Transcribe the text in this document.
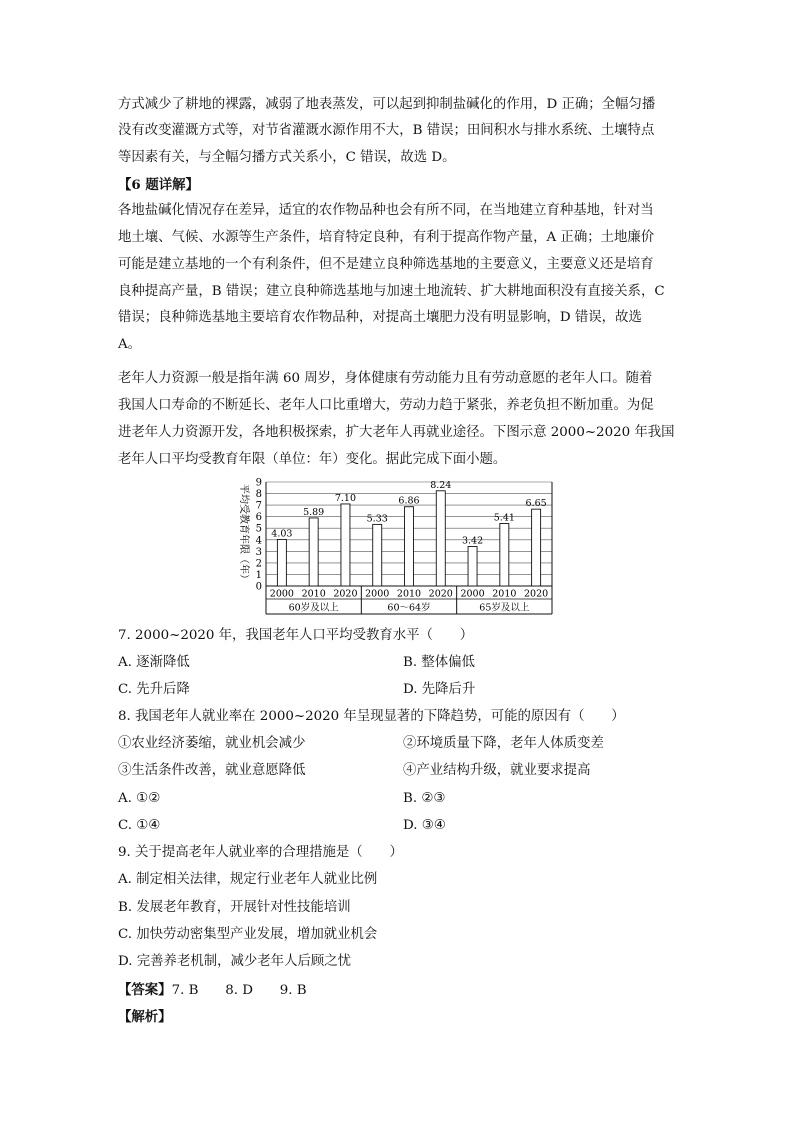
方式减少了耕地的裸露，减弱了地表蒸发，可以起到抑制盐碱化的作用，D 正确；全幅匀播
没有改变灌溉方式等，对节省灌溉水源作用不大，B 错误；田间积水与排水系统、土壤特点
等因素有关，与全幅匀播方式关系小，C 错误，故选 D。
【6 题详解】
各地盐碱化情况存在差异，适宜的农作物品种也会有所不同，在当地建立育种基地，针对当
地土壤、气候、水源等生产条件，培育特定良种，有利于提高作物产量，A 正确；土地廉价
可能是建立基地的一个有利条件，但不是建立良种筛选基地的主要意义，主要意义还是培育
良种提高产量，B 错误；建立良种筛选基地与加速土地流转、扩大耕地面积没有直接关系，C
错误；良种筛选基地主要培育农作物品种，对提高土壤肥力没有明显影响，D 错误，故选
A。
老年人力资源一般是指年满 60 周岁，身体健康有劳动能力且有劳动意愿的老年人口。随着
我国人口寿命的不断延长、老年人口比重增大，劳动力趋于紧张，养老负担不断加重。为促
进老年人力资源开发，各地积极探索，扩大老年人再就业途径。下图示意 2000~2020 年我国
老年人口平均受教育年限（单位：年）变化。据此完成下面小题。
平均受教育年限（年）
0
1
2
3
4
5
6
7
8
9
4.03
2000
5.89
2010
7.10
2020
60岁及以上
5.33
2000
6.86
2010
8.24
2020
60～64岁
3.42
2000
5.41
2010
6.65
2020
65岁及以上
7. 2000~2020 年，我国老年人口平均受教育水平（　　）
A. 逐渐降低	B. 整体偏低
C. 先升后降	D. 先降后升
8. 我国老年人就业率在 2000~2020 年呈现显著的下降趋势，可能的原因有（　　）
①农业经济萎缩，就业机会减少	②环境质量下降，老年人体质变差
③生活条件改善，就业意愿降低	④产业结构升级，就业要求提高
A. ①②	B. ②③
C. ①④	D. ③④
9. 关于提高老年人就业率的合理措施是（　　）
A. 制定相关法律，规定行业老年人就业比例
B. 发展老年教育，开展针对性技能培训
C. 加快劳动密集型产业发展，增加就业机会
D. 完善养老机制，减少老年人后顾之忧
【答案】7. B　　8. D　　9. B
【解析】
